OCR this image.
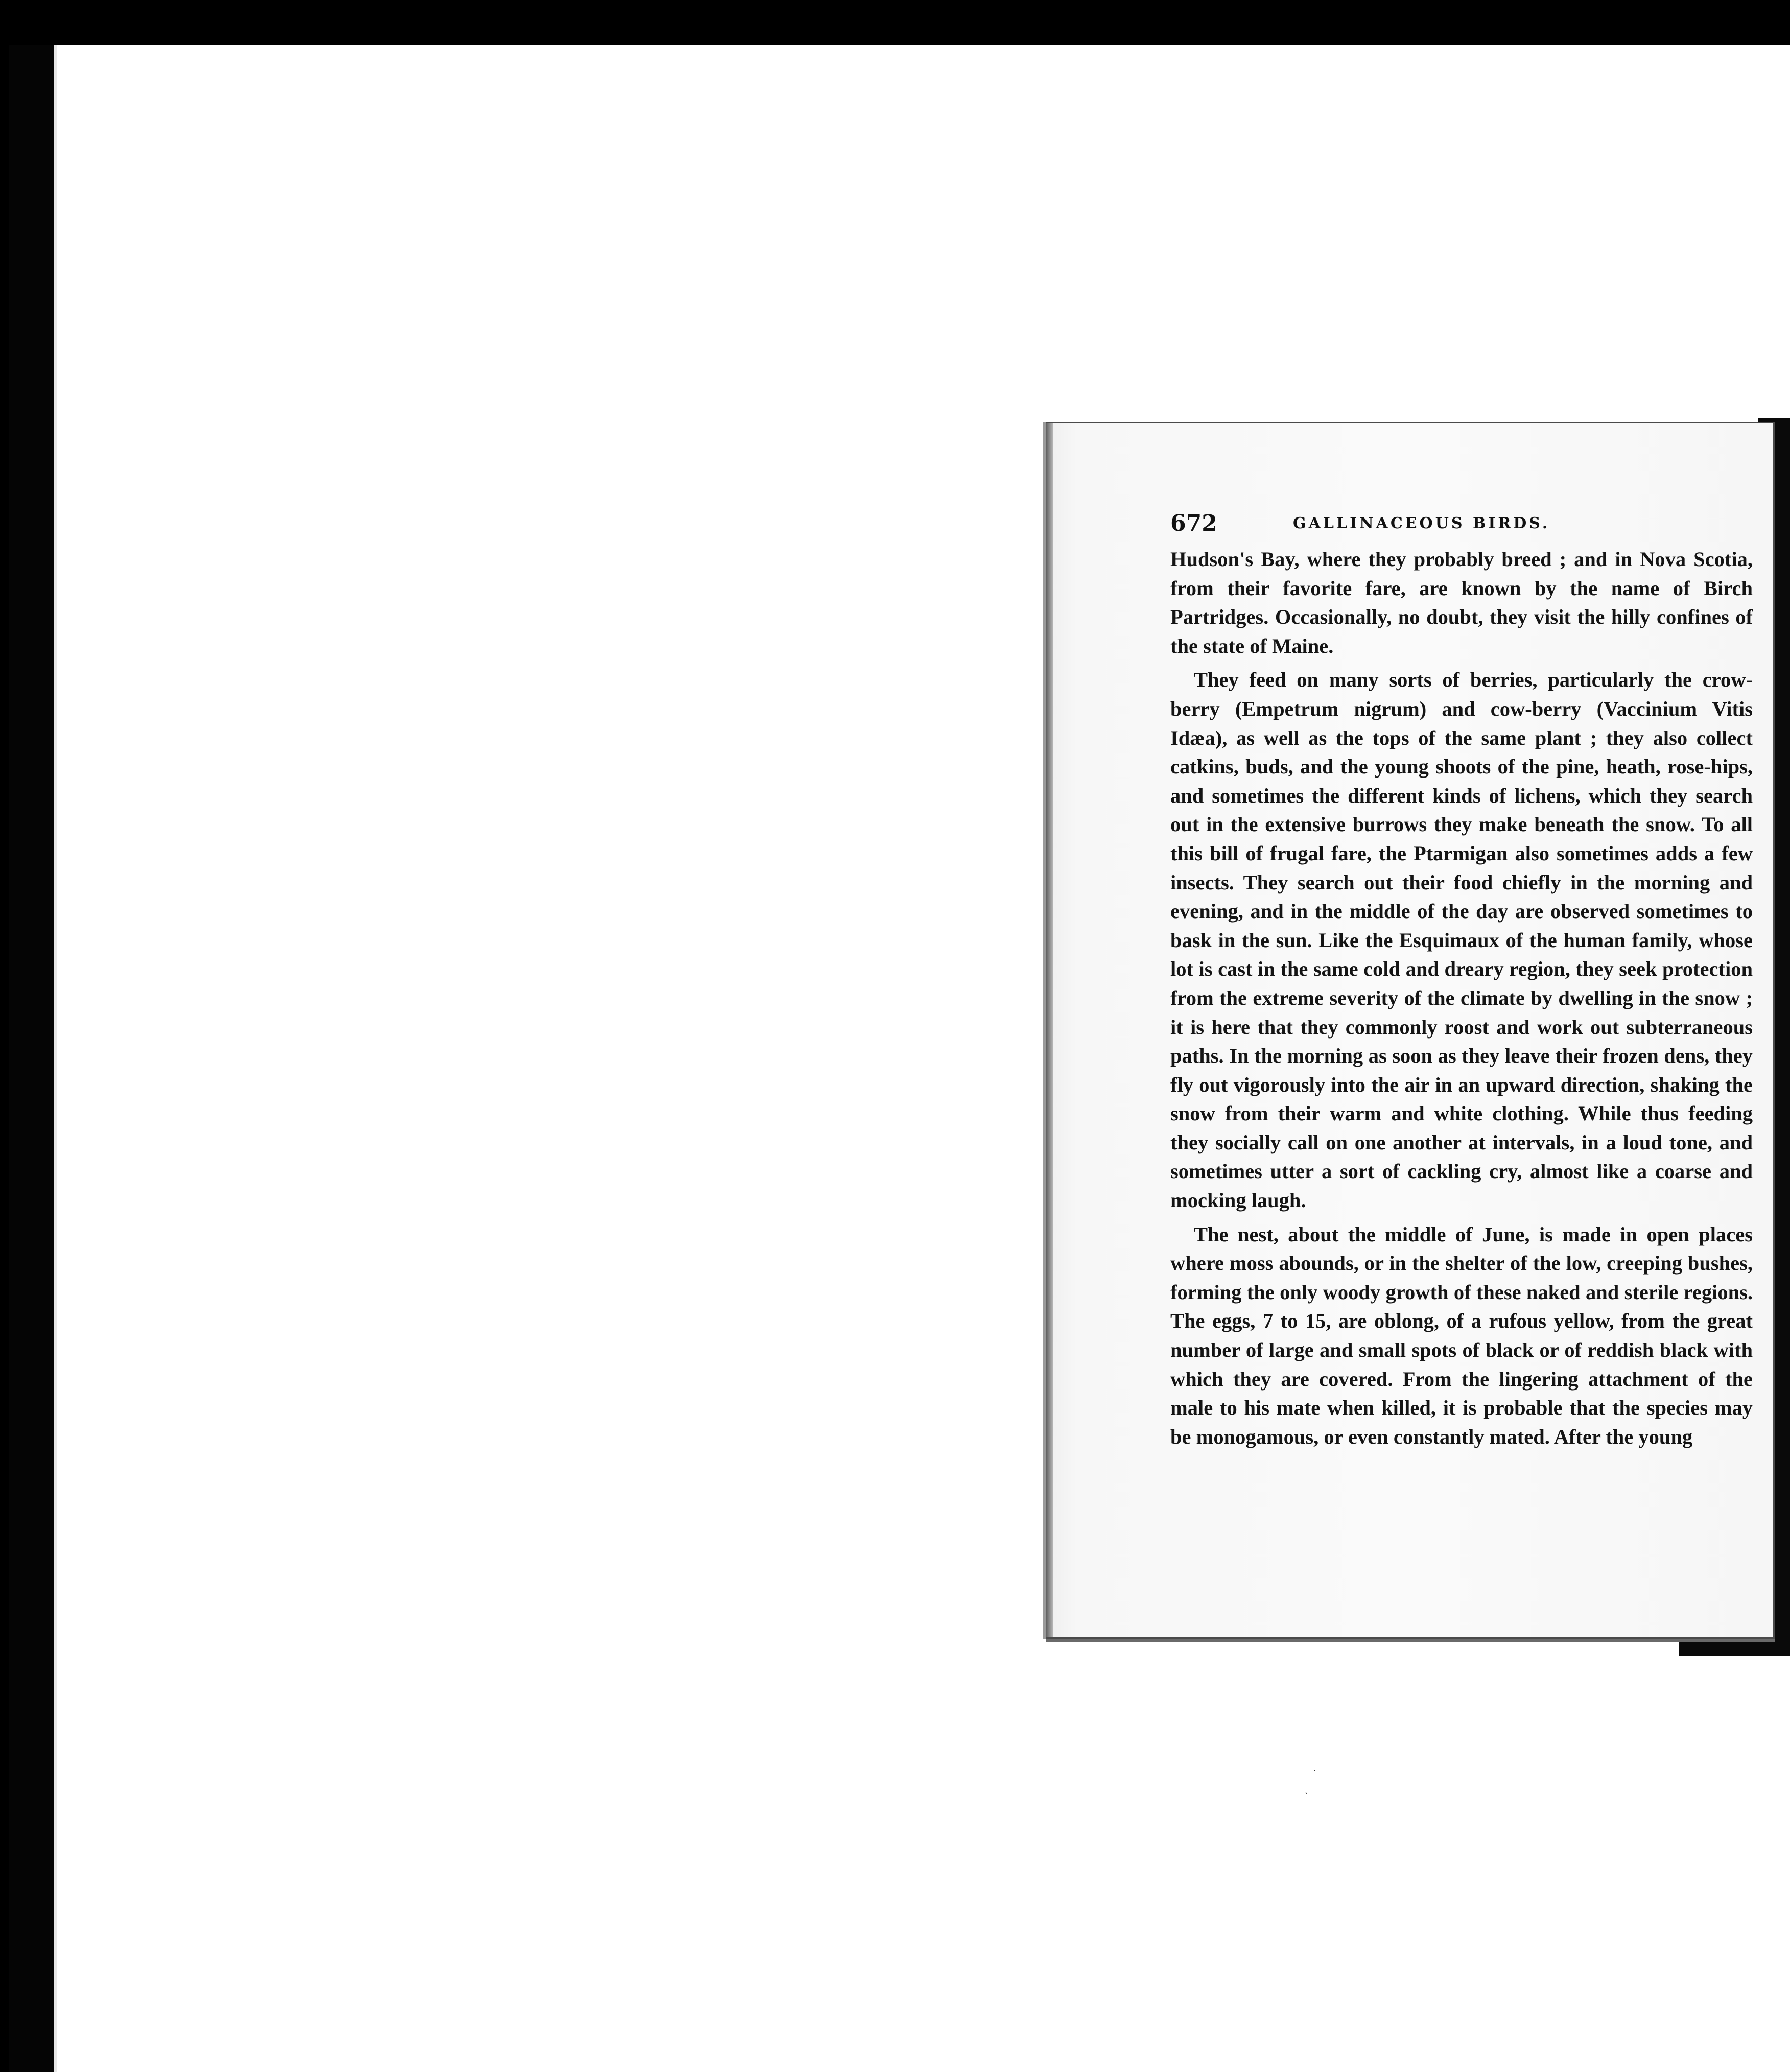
672	GALLINACEOUS BIRDS.

Hudson's Bay, where they probably breed ; and in Nova Scotia, from their favorite fare, are known by the name of Birch Partridges. Occasionally, no doubt, they visit the hilly confines of the state of Maine.

They feed on many sorts of berries, particularly the crow-berry (Empetrum nigrum) and cow-berry (Vaccinium Vitis Idæa), as well as the tops of the same plant ; they also collect catkins, buds, and the young shoots of the pine, heath, rose-hips, and sometimes the different kinds of lichens, which they search out in the extensive burrows they make beneath the snow. To all this bill of frugal fare, the Ptarmigan also sometimes adds a few insects. They search out their food chiefly in the morning and evening, and in the middle of the day are observed sometimes to bask in the sun. Like the Esquimaux of the human family, whose lot is cast in the same cold and dreary region, they seek protection from the extreme severity of the climate by dwelling in the snow ; it is here that they commonly roost and work out subterraneous paths. In the morning as soon as they leave their frozen dens, they fly out vigorously into the air in an upward direction, shaking the snow from their warm and white clothing. While thus feeding they socially call on one another at intervals, in a loud tone, and sometimes utter a sort of cackling cry, almost like a coarse and mocking laugh.

The nest, about the middle of June, is made in open places where moss abounds, or in the shelter of the low, creeping bushes, forming the only woody growth of these naked and sterile regions. The eggs, 7 to 15, are oblong, of a rufous yellow, from the great number of large and small spots of black or of reddish black with which they are covered. From the lingering attachment of the male to his mate when killed, it is probable that the species may be monogamous, or even constantly mated. After the young

˙
ˎ
